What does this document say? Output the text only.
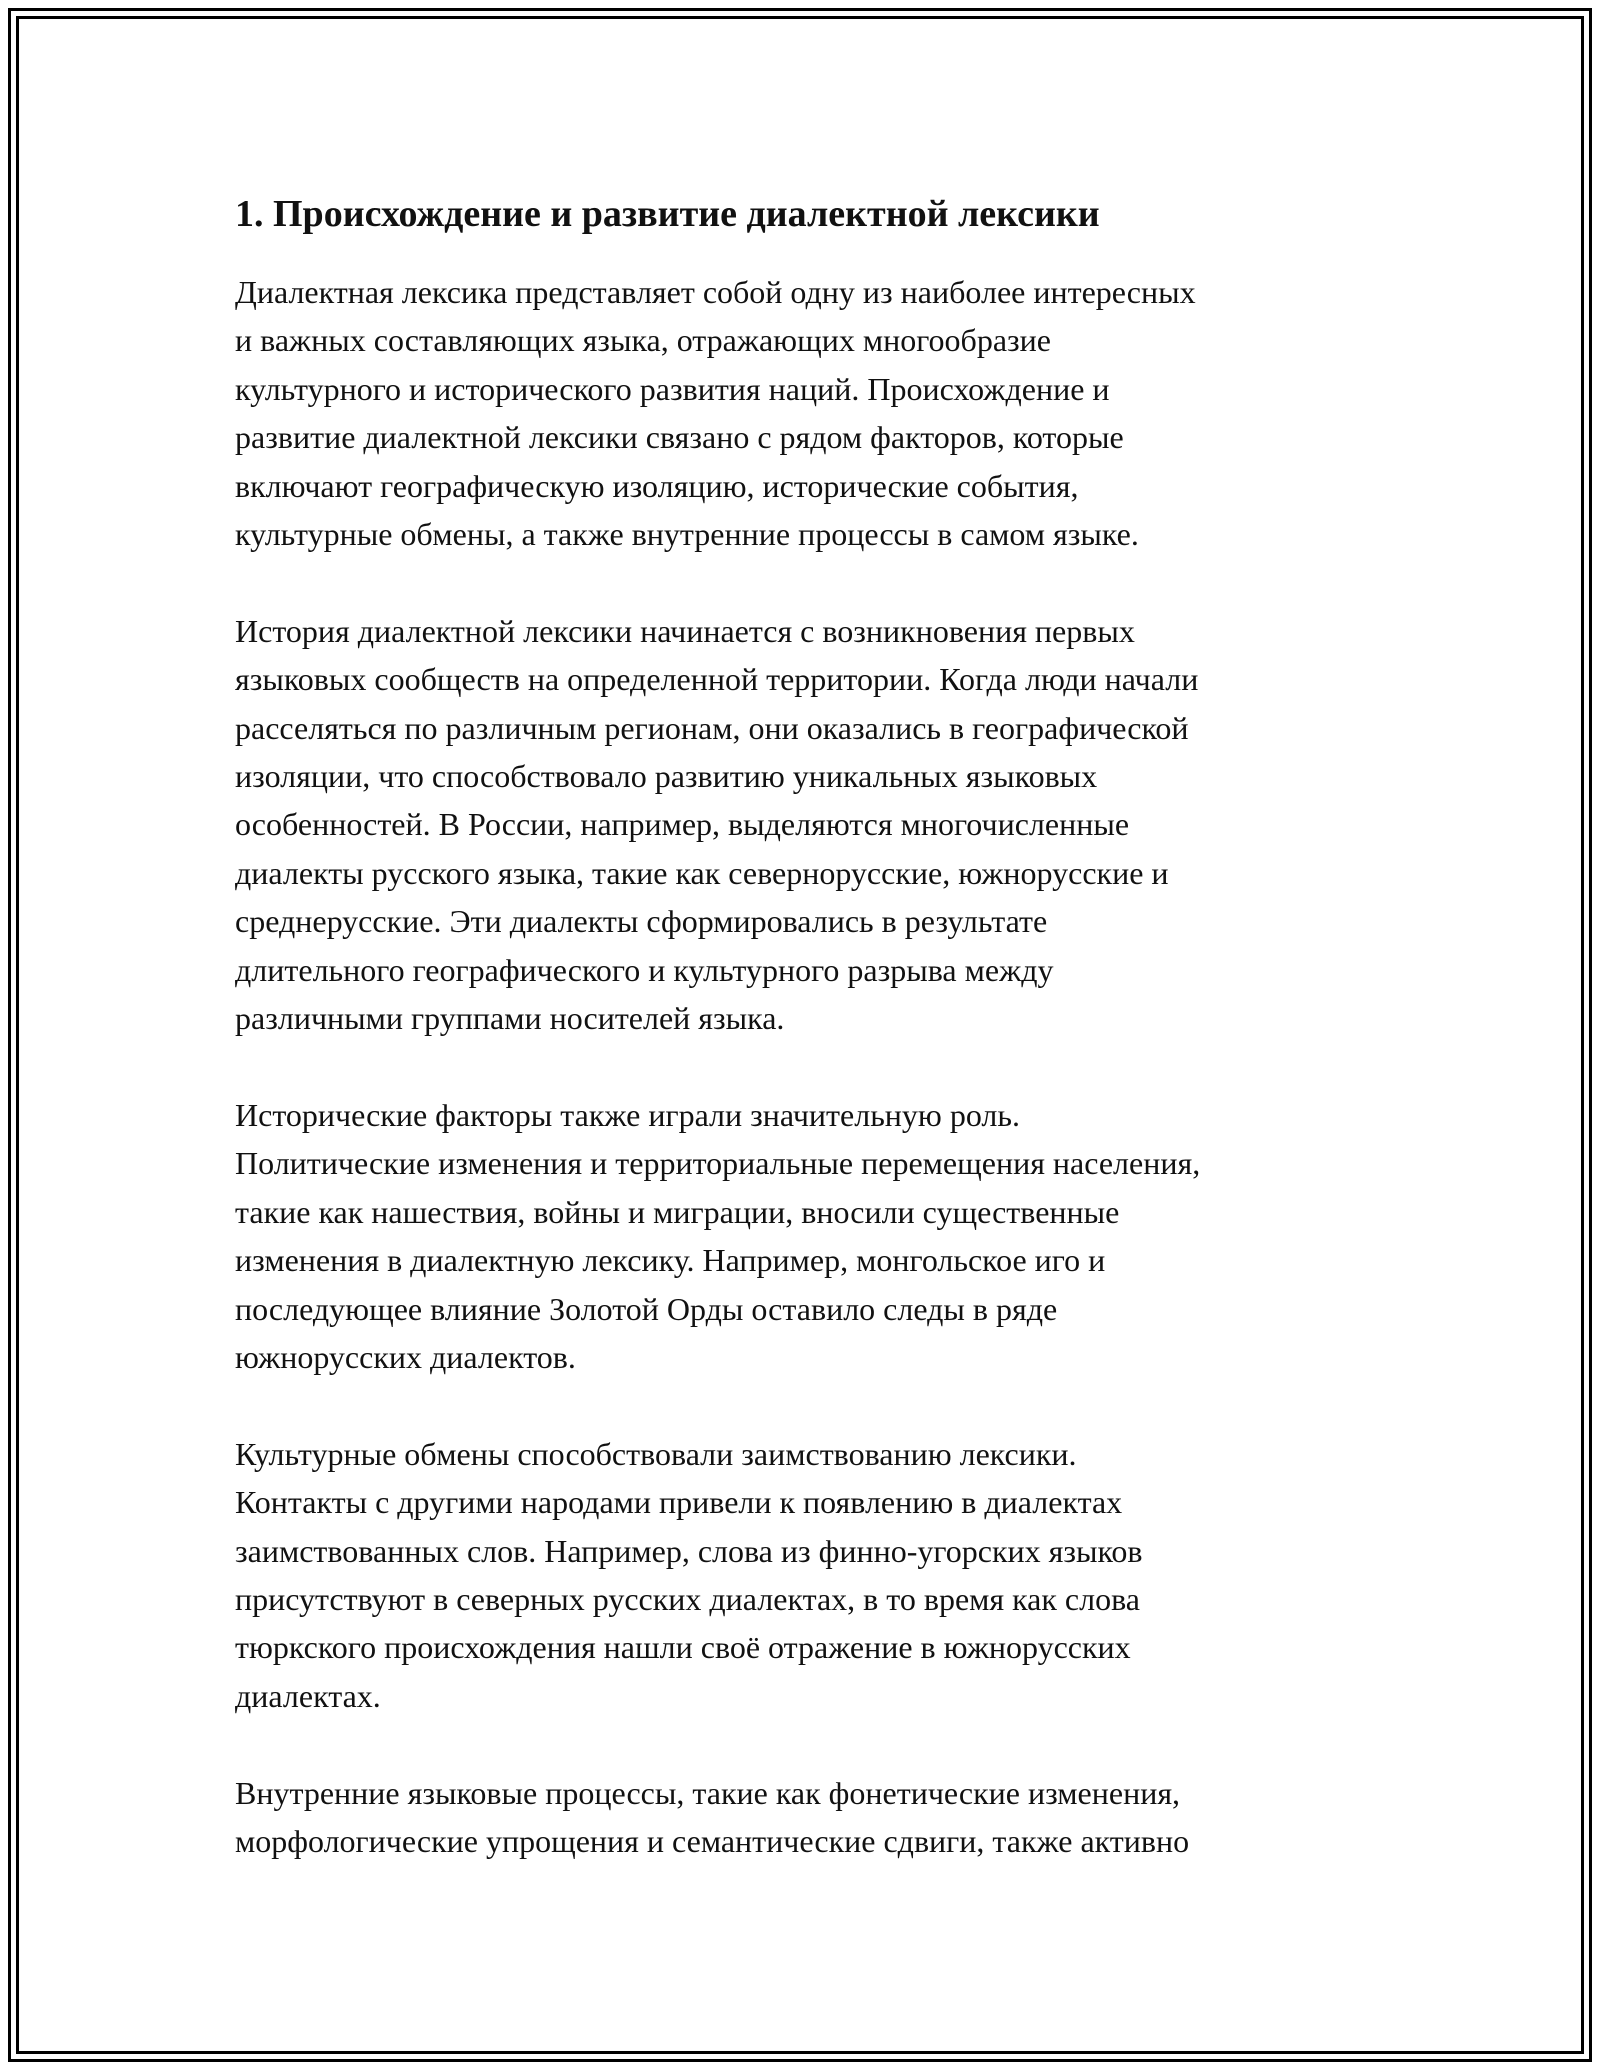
1. Происхождение и развитие диалектной лексики

Диалектная лексика представляет собой одну из наиболее интересных
и важных составляющих языка, отражающих многообразие
культурного и исторического развития наций. Происхождение и
развитие диалектной лексики связано с рядом факторов, которые
включают географическую изоляцию, исторические события,
культурные обмены, а также внутренние процессы в самом языке.

История диалектной лексики начинается с возникновения первых
языковых сообществ на определенной территории. Когда люди начали
расселяться по различным регионам, они оказались в географической
изоляции, что способствовало развитию уникальных языковых
особенностей. В России, например, выделяются многочисленные
диалекты русского языка, такие как севернорусские, южнорусские и
среднерусские. Эти диалекты сформировались в результате
длительного географического и культурного разрыва между
различными группами носителей языка.

Исторические факторы также играли значительную роль.
Политические изменения и территориальные перемещения населения,
такие как нашествия, войны и миграции, вносили существенные
изменения в диалектную лексику. Например, монгольское иго и
последующее влияние Золотой Орды оставило следы в ряде
южнорусских диалектов.

Культурные обмены способствовали заимствованию лексики.
Контакты с другими народами привели к появлению в диалектах
заимствованных слов. Например, слова из финно-угорских языков
присутствуют в северных русских диалектах, в то время как слова
тюркского происхождения нашли своё отражение в южнорусских
диалектах.

Внутренние языковые процессы, такие как фонетические изменения,
морфологические упрощения и семантические сдвиги, также активно
